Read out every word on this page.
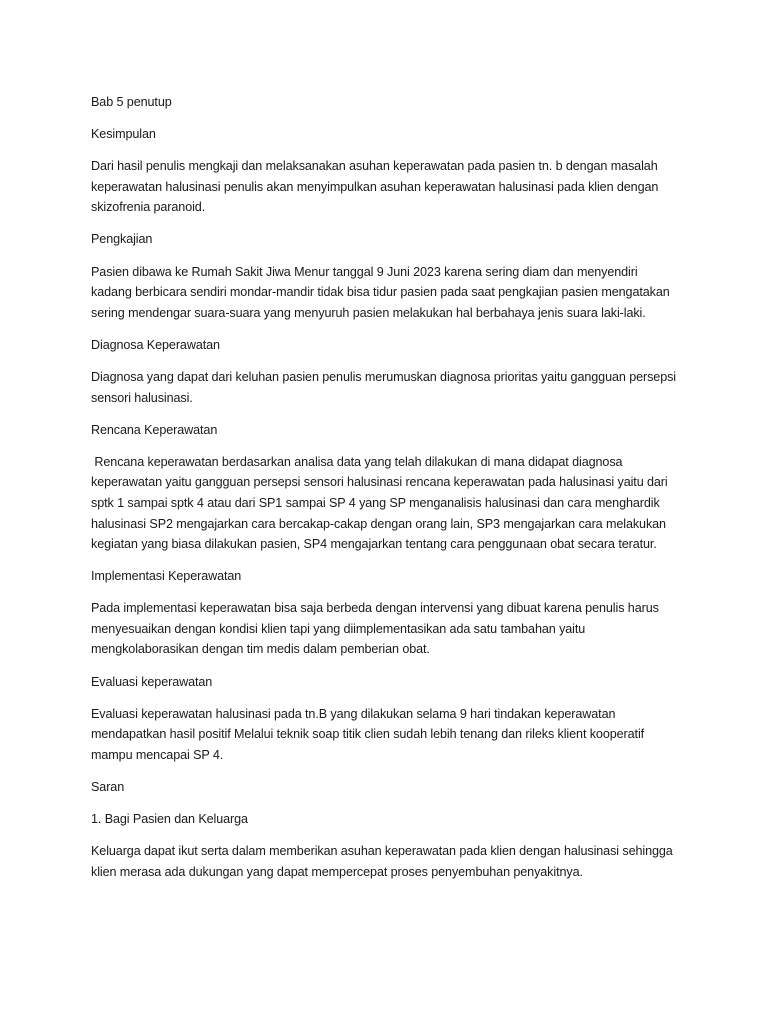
Bab 5 penutup

Kesimpulan

Dari hasil penulis mengkaji dan melaksanakan asuhan keperawatan pada pasien tn. b dengan masalah keperawatan halusinasi penulis akan menyimpulkan asuhan keperawatan halusinasi pada klien dengan skizofrenia paranoid.

Pengkajian

Pasien dibawa ke Rumah Sakit Jiwa Menur tanggal 9 Juni 2023 karena sering diam dan menyendiri kadang berbicara sendiri mondar-mandir tidak bisa tidur pasien pada saat pengkajian pasien mengatakan sering mendengar suara-suara yang menyuruh pasien melakukan hal berbahaya jenis suara laki-laki.

Diagnosa Keperawatan

Diagnosa yang dapat dari keluhan pasien penulis merumuskan diagnosa prioritas yaitu gangguan persepsi sensori halusinasi.

Rencana Keperawatan

Rencana keperawatan berdasarkan analisa data yang telah dilakukan di mana didapat diagnosa keperawatan yaitu gangguan persepsi sensori halusinasi rencana keperawatan pada halusinasi yaitu dari sptk 1 sampai sptk 4 atau dari SP1 sampai SP 4 yang SP menganalisis halusinasi dan cara menghardik halusinasi SP2 mengajarkan cara bercakap-cakap dengan orang lain, SP3 mengajarkan cara melakukan kegiatan yang biasa dilakukan pasien, SP4 mengajarkan tentang cara penggunaan obat secara teratur.

Implementasi Keperawatan

Pada implementasi keperawatan bisa saja berbeda dengan intervensi yang dibuat karena penulis harus menyesuaikan dengan kondisi klien tapi yang diimplementasikan ada satu tambahan yaitu mengkolaborasikan dengan tim medis dalam pemberian obat.

Evaluasi keperawatan

Evaluasi keperawatan halusinasi pada tn.B yang dilakukan selama 9 hari tindakan keperawatan mendapatkan hasil positif Melalui teknik soap titik clien sudah lebih tenang dan rileks klient kooperatif mampu mencapai SP 4.

Saran

1. Bagi Pasien dan Keluarga

Keluarga dapat ikut serta dalam memberikan asuhan keperawatan pada klien dengan halusinasi sehingga klien merasa ada dukungan yang dapat mempercepat proses penyembuhan penyakitnya.
